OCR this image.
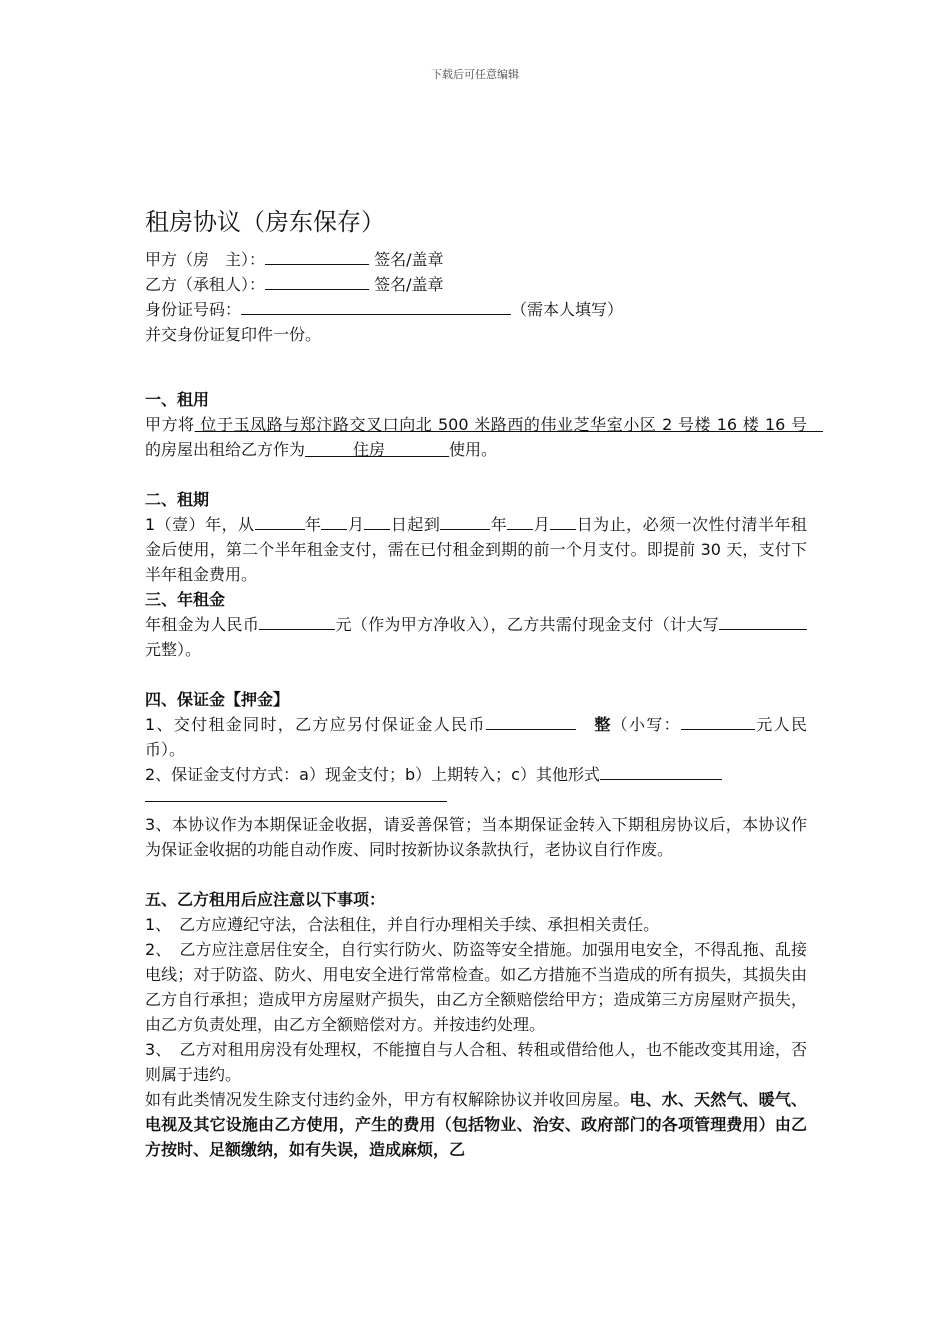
下载后可任意编辑
租房协议（房东保存）
甲方（房　主）：	签名/盖章
乙方（承租人）：	签名/盖章
身份证号码：	（需本人填写）
并交身份证复印件一份。
一、租用
甲方将 位于玉凤路与郑汴路交叉口向北 500 米路西的伟业芝华室小区 2 号楼 16 楼 16 号　的房屋出租给乙方作为　　　住房　　　　使用。
二、租期
1（壹）年，从	年 月 日起到	年 月 日为止，必须一次性付清半年租金后使用，第二个半年租金支付，需在已付租金到期的前一个月支付。即提前 30 天，支付下半年租金费用。
三、年租金
年租金为人民币	元（作为甲方净收入），乙方共需付现金支付（计大写元整）。
四、保证金【押金】
1、交付租金同时，乙方应另付保证金人民币　	整（小写：	元人民币）。
2、保证金支付方式：a）现金支付；b）上期转入；c）其他形式
3、本协议作为本期保证金收据，请妥善保管；当本期保证金转入下期租房协议后，本协议作为保证金收据的功能自动作废、同时按新协议条款执行，老协议自行作废。
五、乙方租用后应注意以下事项：
1、　乙方应遵纪守法，合法租住，并自行办理相关手续、承担相关责任。
2、　乙方应注意居住安全，自行实行防火、防盗等安全措施。加强用电安全，不得乱拖、乱接电线；对于防盗、防火、用电安全进行常常检查。如乙方措施不当造成的所有损失，其损失由乙方自行承担；造成甲方房屋财产损失，由乙方全额赔偿给甲方；造成第三方房屋财产损失，由乙方负责处理，由乙方全额赔偿对方。并按违约处理。
3、　乙方对租用房没有处理权，不能擅自与人合租、转租或借给他人，也不能改变其用途，否则属于违约。
如有此类情况发生除支付违约金外，甲方有权解除协议并收回房屋。电、水、天然气、暖气、电视及其它设施由乙方使用，产生的费用（包括物业、治安、政府部门的各项管理费用）由乙方按时、足额缴纳，如有失误，造成麻烦，乙
